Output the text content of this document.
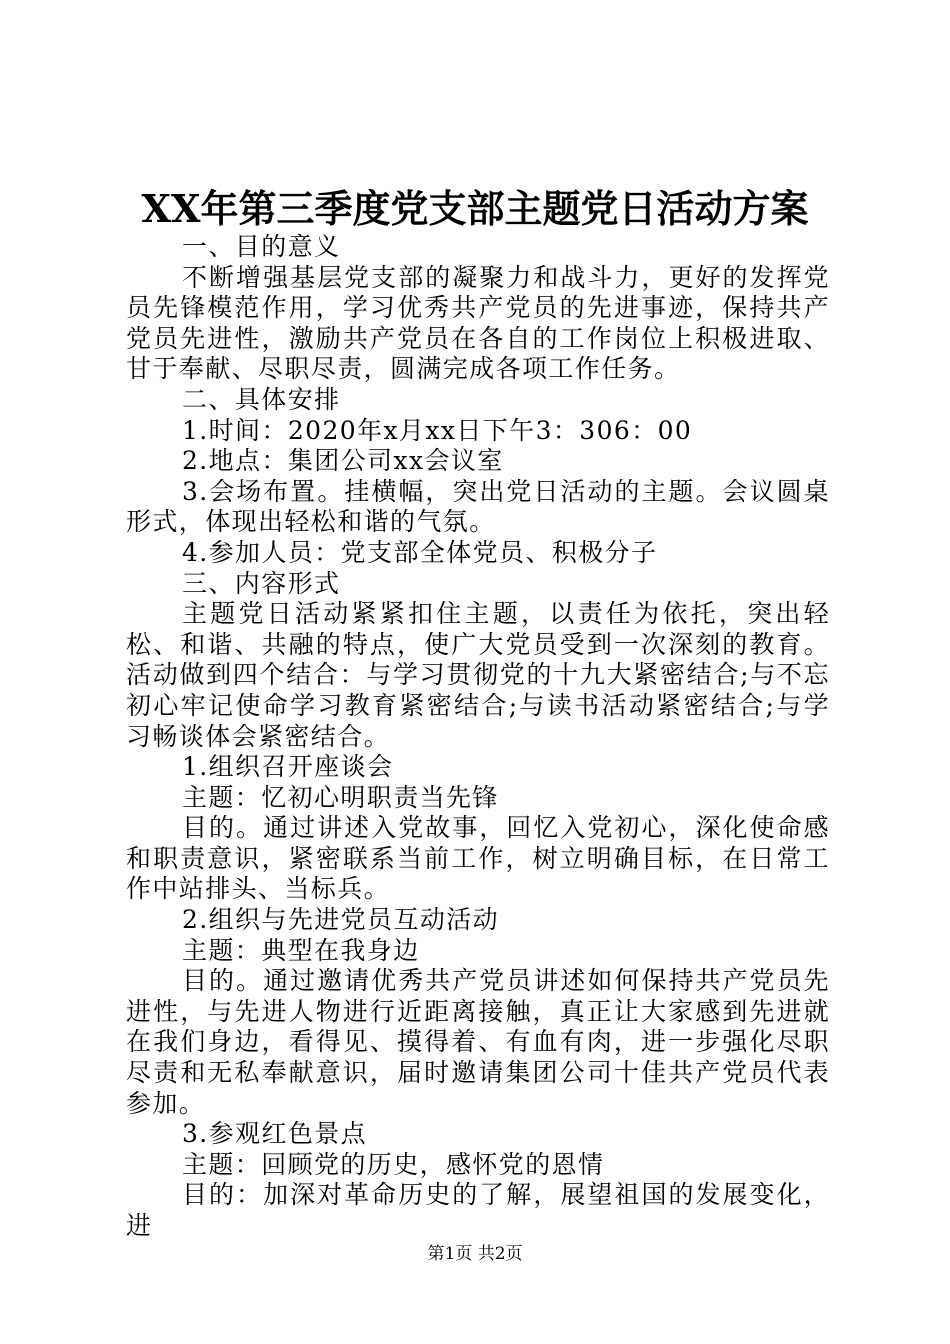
XX年第三季度党支部主题党日活动方案

一、目的意义

不断增强基层党支部的凝聚力和战斗力，更好的发挥党员先锋模范作用，学习优秀共产党员的先进事迹，保持共产党员先进性，激励共产党员在各自的工作岗位上积极进取、甘于奉献、尽职尽责，圆满完成各项工作任务。

二、具体安排

1.时间：2020年x月xx日下午3：306：00

2.地点：集团公司xx会议室

3.会场布置。挂横幅，突出党日活动的主题。会议圆桌形式，体现出轻松和谐的气氛。

4.参加人员：党支部全体党员、积极分子

三、内容形式

主题党日活动紧紧扣住主题，以责任为依托，突出轻松、和谐、共融的特点，使广大党员受到一次深刻的教育。活动做到四个结合：与学习贯彻党的十九大紧密结合;与不忘初心牢记使命学习教育紧密结合;与读书活动紧密结合;与学习畅谈体会紧密结合。

1.组织召开座谈会

主题：忆初心明职责当先锋

目的。通过讲述入党故事，回忆入党初心，深化使命感和职责意识，紧密联系当前工作，树立明确目标，在日常工作中站排头、当标兵。

2.组织与先进党员互动活动

主题：典型在我身边

目的。通过邀请优秀共产党员讲述如何保持共产党员先进性，与先进人物进行近距离接触，真正让大家感到先进就在我们身边，看得见、摸得着、有血有肉，进一步强化尽职尽责和无私奉献意识，届时邀请集团公司十佳共产党员代表参加。

3.参观红色景点

主题：回顾党的历史，感怀党的恩情

目的：加深对革命历史的了解，展望祖国的发展变化，进

第1页 共2页
